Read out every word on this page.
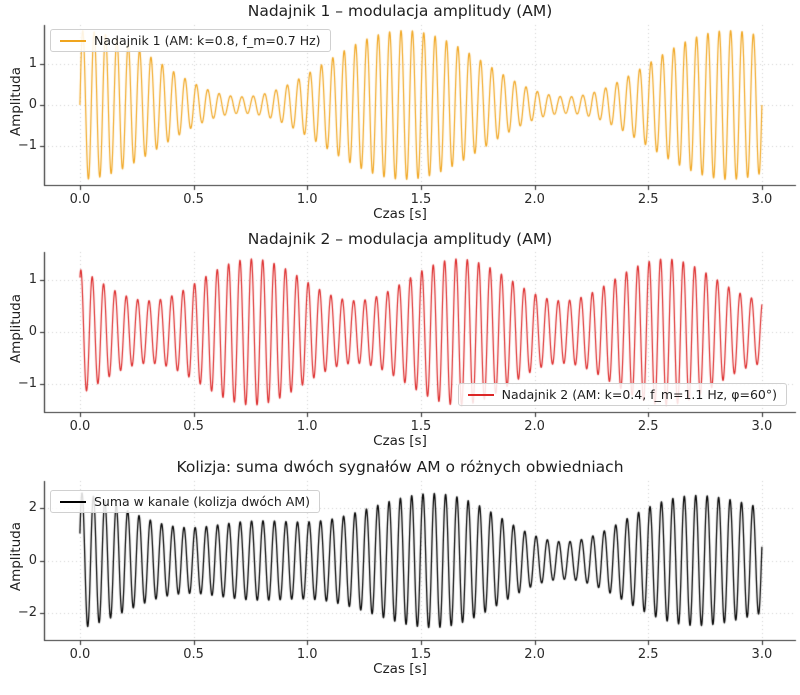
Nadajnik 1 – modulacja amplitudy (AM)
Amplituda
Czas [s]
Nadajnik 1 (AM: k=0.8, f_m=0.7 Hz)
Nadajnik 2 – modulacja amplitudy (AM)
Amplituda
Czas [s]
Nadajnik 2 (AM: k=0.4, f_m=1.1 Hz, φ=60°)
Kolizja: suma dwóch sygnałów AM o różnych obwiedniach
Amplituda
Czas [s]
Suma w kanale (kolizja dwóch AM)
0.0	0.5	1.0	1.5	2.0	2.5	3.0
1
0
−1
0.0	0.5	1.0	1.5	2.0	2.5	3.0
1
0
−1
0.0	0.5	1.0	1.5	2.0	2.5	3.0
2
0
−2
